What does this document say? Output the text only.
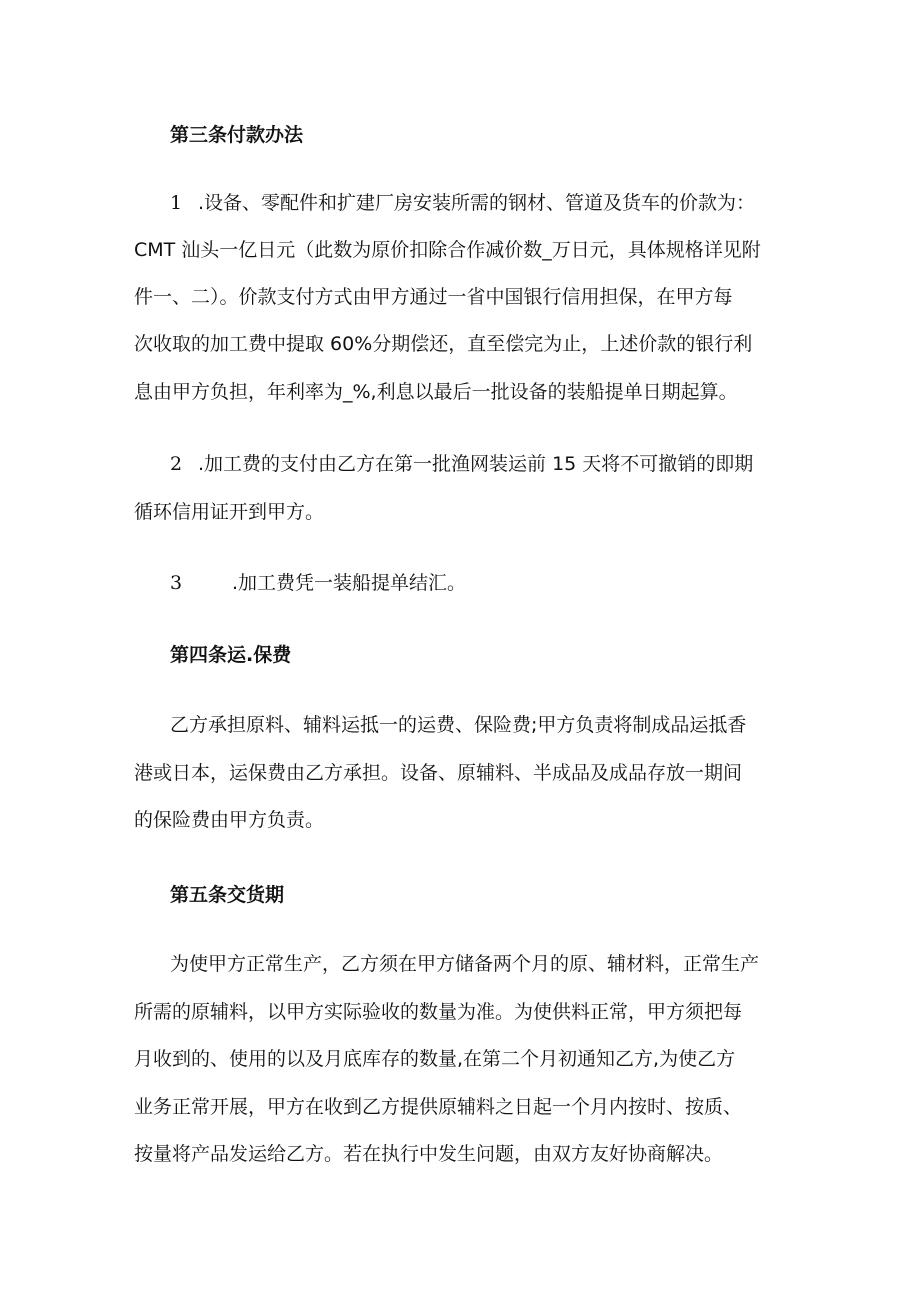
第三条付款办法
1 .设备、零配件和扩建厂房安装所需的钢材、管道及货车的价款为：
CMT 汕头一亿日元（此数为原价扣除合作减价数_万日元，具体规格详见附
件一、二）。价款支付方式由甲方通过一省中国银行信用担保，在甲方每
次收取的加工费中提取 60%分期偿还，直至偿完为止，上述价款的银行利
息由甲方负担，年利率为_%,利息以最后一批设备的装船提单日期起算。
2 .加工费的支付由乙方在第一批渔网装运前 15 天将不可撤销的即期
循环信用证开到甲方。
3	.加工费凭一装船提单结汇。
第四条运.保费
乙方承担原料、辅料运抵一的运费、保险费;甲方负责将制成品运抵香
港或日本，运保费由乙方承担。设备、原辅料、半成品及成品存放一期间
的保险费由甲方负责。
第五条交货期
为使甲方正常生产，乙方须在甲方储备两个月的原、辅材料，正常生产
所需的原辅料，以甲方实际验收的数量为准。为使供料正常，甲方须把每
月收到的、使用的以及月底库存的数量,在第二个月初通知乙方,为使乙方
业务正常开展，甲方在收到乙方提供原辅料之日起一个月内按时、按质、
按量将产品发运给乙方。若在执行中发生问题，由双方友好协商解决。
